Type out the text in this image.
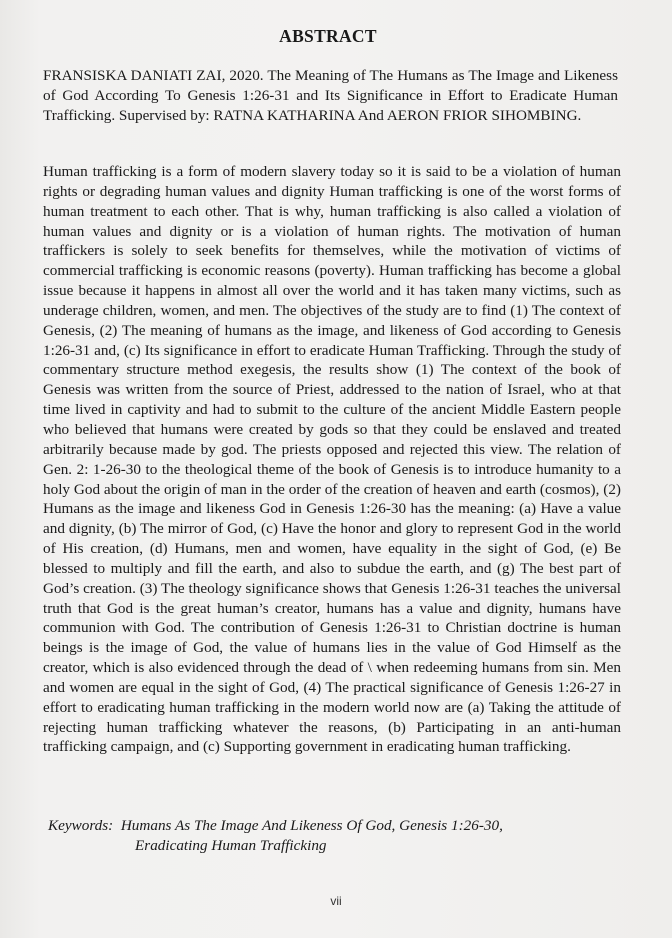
ABSTRACT
FRANSISKA DANIATI ZAI, 2020. The Meaning of The Humans as The Image and Likeness of God According To Genesis 1:26-31 and Its Significance in Effort to Eradicate Human Trafficking. Supervised by: RATNA KATHARINA And AERON FRIOR SIHOMBING.
Human trafficking is a form of modern slavery today so it is said to be a violation of human rights or degrading human values and dignity Human trafficking is one of the worst forms of human treatment to each other. That is why, human trafficking is also called a violation of human values and dignity or is a violation of human rights. The motivation of human traffickers is solely to seek benefits for themselves, while the motivation of victims of commercial trafficking is economic reasons (poverty). Human trafficking has become a global issue because it happens in almost all over the world and it has taken many victims, such as underage children, women, and men. The objectives of the study are to find (1) The context of Genesis, (2) The meaning of humans as the image, and likeness of God according to Genesis 1:26-31 and, (c) Its significance in effort to eradicate Human Trafficking. Through the study of commentary structure method exegesis, the results show (1) The context of the book of Genesis was written from the source of Priest, addressed to the nation of Israel, who at that time lived in captivity and had to submit to the culture of the ancient Middle Eastern people who believed that humans were created by gods so that they could be enslaved and treated arbitrarily because made by god. The priests opposed and rejected this view. The relation of Gen. 2: 1-26-30 to the theological theme of the book of Genesis is to introduce humanity to a holy God about the origin of man in the order of the creation of heaven and earth (cosmos), (2) Humans as the image and likeness God in Genesis 1:26-30 has the meaning: (a) Have a value and dignity, (b) The mirror of God, (c) Have the honor and glory to represent God in the world of His creation, (d) Humans, men and women, have equality in the sight of God, (e) Be blessed to multiply and fill the earth, and also to subdue the earth, and (g) The best part of God’s creation. (3) The theology significance shows that Genesis 1:26-31 teaches the universal truth that God is the great human’s creator, humans has a value and dignity, humans have communion with God. The contribution of Genesis 1:26-31 to Christian doctrine is human beings is the image of God, the value of humans lies in the value of God Himself as the creator, which is also evidenced through the dead of \ when redeeming humans from sin. Men and women are equal in the sight of God, (4) The practical significance of Genesis 1:26-27 in effort to eradicating human trafficking in the modern world now are (a) Taking the attitude of rejecting human trafficking whatever the reasons, (b) Participating in an anti-human trafficking campaign, and (c) Supporting government in eradicating human trafficking.
Keywords: Humans As The Image And Likeness Of God, Genesis 1:26-30,
Eradicating Human Trafficking
vii
